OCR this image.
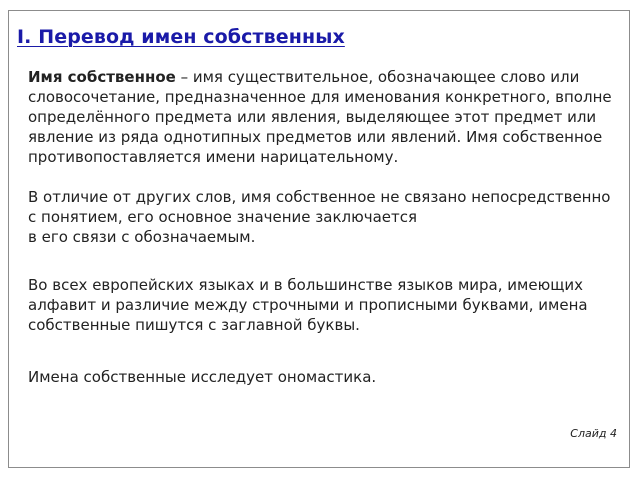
I. Перевод имен собственных

Имя собственное – имя существительное, обозначающее слово или словосочетание, предназначенное для именования конкретного, вполне определённого предмета или явления, выделяющее этот предмет или явление из ряда однотипных предметов или явлений. Имя собственное противопоставляется имени нарицательному.

В отличие от других слов, имя собственное не связано непосредственно с понятием, его основное значение заключается
в его связи с обозначаемым.

Во всех европейских языках и в большинстве языков мира, имеющих алфавит и различие между строчными и прописными буквами, имена собственные пишутся с заглавной буквы.

Имена собственные исследует ономастика.

Слайд 4
